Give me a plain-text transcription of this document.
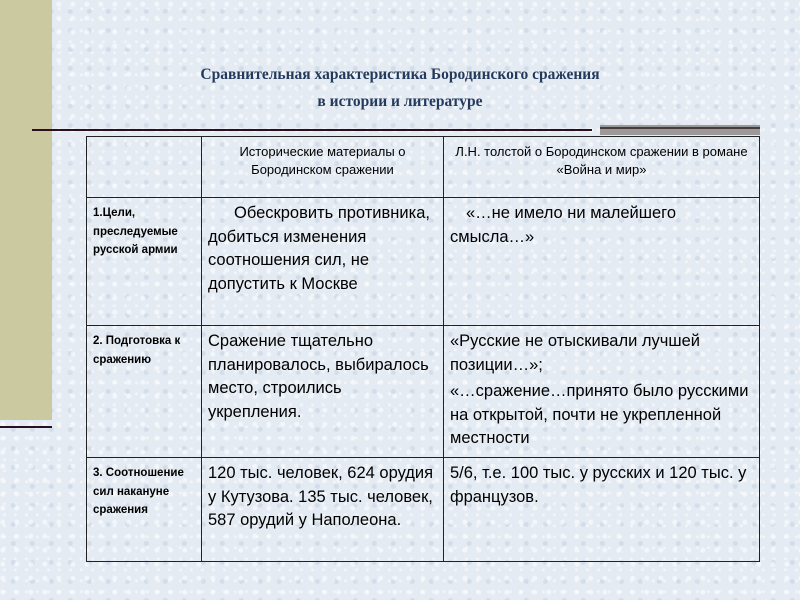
Сравнительная характеристика Бородинского сражения
в истории и литературе
	Исторические материалы о Бородинском сражении	Л.Н. толстой о Бородинском сражении в романе «Война и мир»
1.Цели, преследуемые русской армии	Обескровить противника, добиться изменения соотношения сил, не допустить к Москве	«…не имело ни малейшего смысла…»
2. Подготовка к сражению	Сражение тщательно планировалось, выбиралось место, строились укрепления.	«Русские не отыскивали лучшей позиции…»;
«…сражение…принято было русскими на открытой, почти не укрепленной местности

3. Соотношение сил накануне сражения	120 тыс. человек, 624 орудия у Кутузова. 135 тыс. человек, 587 орудий у Наполеона.	5/6, т.е. 100 тыс. у русских и 120 тыс. у французов.
